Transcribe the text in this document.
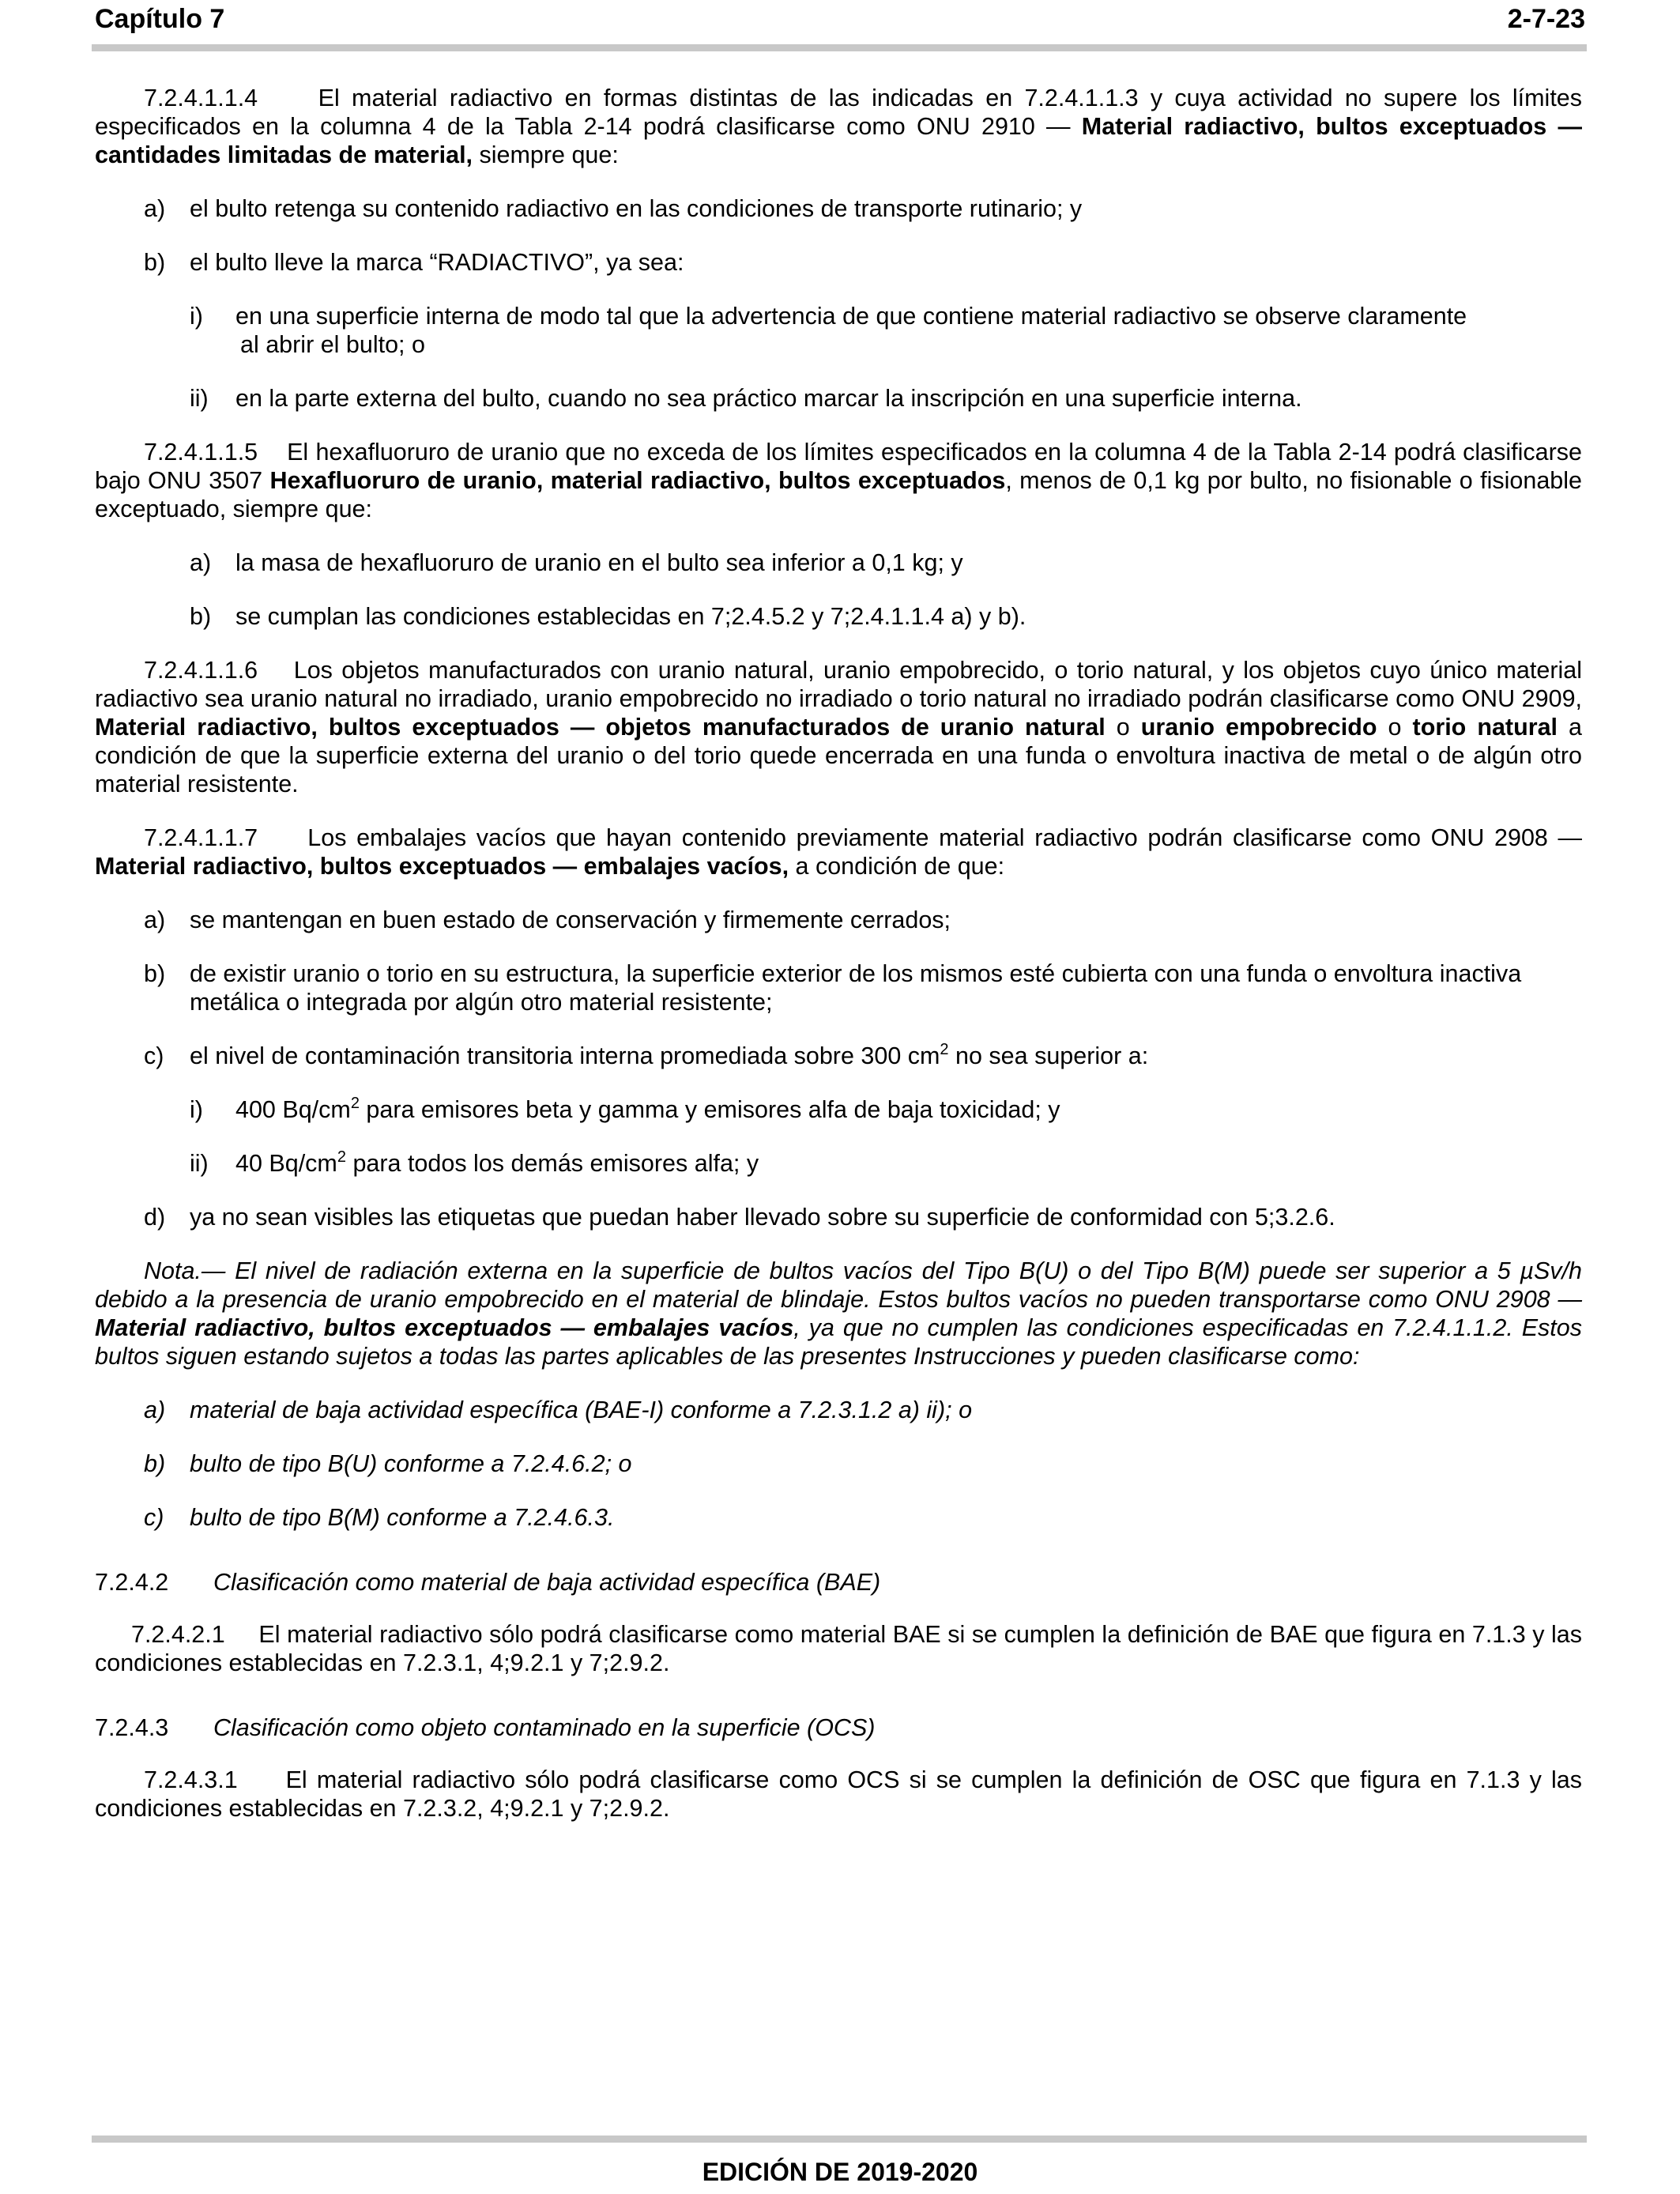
Capítulo 7	2-7-23

7.2.4.1.1.4	El material radiactivo en formas distintas de las indicadas en 7.2.4.1.1.3 y cuya actividad no supere los límites especificados en la columna 4 de la Tabla 2-14 podrá clasificarse como ONU 2910 — Material radiactivo, bultos exceptuados — cantidades limitadas de material, siempre que:

a) el bulto retenga su contenido radiactivo en las condiciones de transporte rutinario; y
b) el bulto lleve la marca “RADIACTIVO”, ya sea:
i) en una superficie interna de modo tal que la advertencia de que contiene material radiactivo se observe claramente
al abrir el bulto; o
ii) en la parte externa del bulto, cuando no sea práctico marcar la inscripción en una superficie interna.

7.2.4.1.1.5 El hexafluoruro de uranio que no exceda de los límites especificados en la columna 4 de la Tabla 2-14 podrá clasificarse bajo ONU 3507 Hexafluoruro de uranio, material radiactivo, bultos exceptuados, menos de 0,1 kg por bulto, no fisionable o fisionable exceptuado, siempre que:

a) la masa de hexafluoruro de uranio en el bulto sea inferior a 0,1 kg; y
b) se cumplan las condiciones establecidas en 7;2.4.5.2 y 7;2.4.1.1.4 a) y b).

7.2.4.1.1.6 Los objetos manufacturados con uranio natural, uranio empobrecido, o torio natural, y los objetos cuyo único material radiactivo sea uranio natural no irradiado, uranio empobrecido no irradiado o torio natural no irradiado podrán clasificarse como ONU 2909, Material radiactivo, bultos exceptuados — objetos manufacturados de uranio natural o uranio empobrecido o torio natural a condición de que la superficie externa del uranio o del torio quede encerrada en una funda o envoltura inactiva de metal o de algún otro material resistente.

7.2.4.1.1.7 Los embalajes vacíos que hayan contenido previamente material radiactivo podrán clasificarse como ONU 2908 — Material radiactivo, bultos exceptuados — embalajes vacíos, a condición de que:

a) se mantengan en buen estado de conservación y firmemente cerrados;
b) de existir uranio o torio en su estructura, la superficie exterior de los mismos esté cubierta con una funda o envoltura inactiva metálica o integrada por algún otro material resistente;
c) el nivel de contaminación transitoria interna promediada sobre 300 $cm^2$ no sea superior a:
i) 400 $Bq/cm^2$ para emisores beta y gamma y emisores alfa de baja toxicidad; y
ii) 40 $Bq/cm^2$ para todos los demás emisores alfa; y
d) ya no sean visibles las etiquetas que puedan haber llevado sobre su superficie de conformidad con 5;3.2.6.

Nota.— El nivel de radiación externa en la superficie de bultos vacíos del Tipo B(U) o del Tipo B(M) puede ser superior a 5 µSv/h debido a la presencia de uranio empobrecido en el material de blindaje. Estos bultos vacíos no pueden transportarse como ONU 2908 — Material radiactivo, bultos exceptuados — embalajes vacíos, ya que no cumplen las condiciones especificadas en 7.2.4.1.1.2. Estos bultos siguen estando sujetos a todas las partes aplicables de las presentes Instrucciones y pueden clasificarse como:

a) material de baja actividad específica (BAE-I) conforme a 7.2.3.1.2 a) ii); o
b) bulto de tipo B(U) conforme a 7.2.4.6.2; o
c) bulto de tipo B(M) conforme a 7.2.4.6.3.
7.2.4.2 Clasificación como material de baja actividad específica (BAE)

7.2.4.2.1 El material radiactivo sólo podrá clasificarse como material BAE si se cumplen la definición de BAE que figura en 7.1.3 y las condiciones establecidas en 7.2.3.1, 4;9.2.1 y 7;2.9.2.

7.2.4.3 Clasificación como objeto contaminado en la superficie (OCS)

7.2.4.3.1 El material radiactivo sólo podrá clasificarse como OCS si se cumplen la definición de OSC que figura en 7.1.3 y las condiciones establecidas en 7.2.3.2, 4;9.2.1 y 7;2.9.2.

EDICIÓN DE 2019-2020
